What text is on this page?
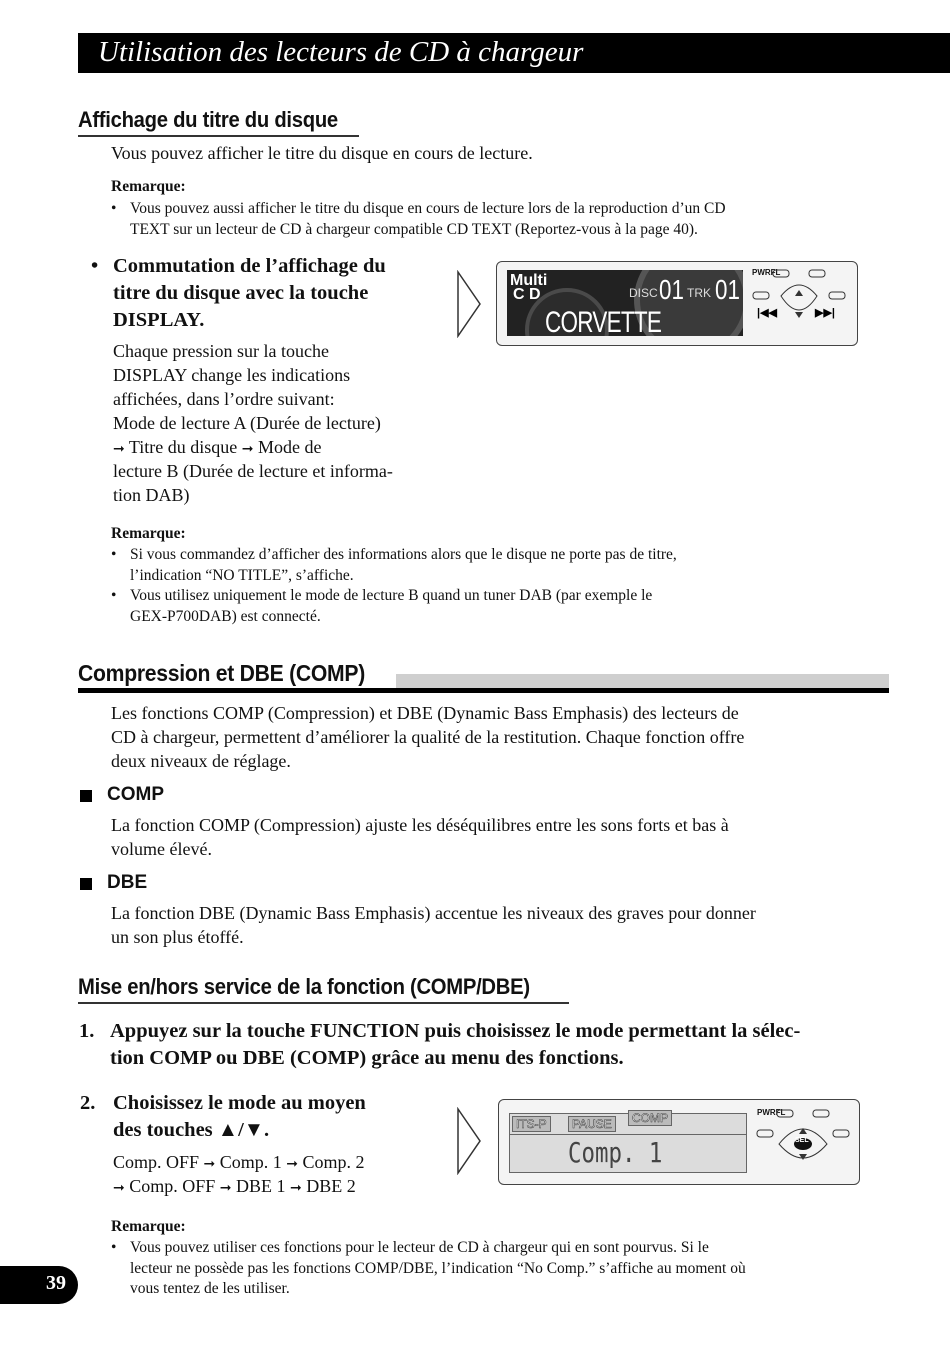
Utilisation des lecteurs de CD à chargeur
Affichage du titre du disque
Vous pouvez afficher le titre du disque en cours de lecture.
Remarque:
• Vous pouvez aussi afficher le titre du disque en cours de lecture lors de la reproduction d’un CD
TEXT sur un lecteur de CD à chargeur compatible CD TEXT (Reportez-vous à la page 40).
• Commutation de l’affichage du
titre du disque avec la touche
DISPLAY.
Chaque pression sur la touche
DISPLAY change les indications
affichées, dans l’ordre suivant:
Mode de lecture A (Durée de lecture)
➞ Titre du disque ➞ Mode de
lecture B (Durée de lecture et informa-
tion DAB)
Multi
C D	DISC 01 TRK 01
CORVETTE
PWRFL
|◀◀	▶▶|
Remarque:
• Si vous commandez d’afficher des informations alors que le disque ne porte pas de titre,
l’indication “NO TITLE”, s’affiche.
• Vous utilisez uniquement le mode de lecture B quand un tuner DAB (par exemple le
GEX-P700DAB) est connecté.
Compression et DBE (COMP)
Les fonctions COMP (Compression) et DBE (Dynamic Bass Emphasis) des lecteurs de
CD à chargeur, permettent d’améliorer la qualité de la restitution. Chaque fonction offre
deux niveaux de réglage.
COMP
La fonction COMP (Compression) ajuste les déséquilibres entre les sons forts et bas à
volume élevé.
DBE
La fonction DBE (Dynamic Bass Emphasis) accentue les niveaux des graves pour donner
un son plus étoffé.
Mise en/hors service de la fonction (COMP/DBE)
1. Appuyez sur la touche FUNCTION puis choisissez le mode permettant la sélec-
tion COMP ou DBE (COMP) grâce au menu des fonctions.
2. Choisissez le mode au moyen
des touches ▲/▼.
Comp. OFF ➞ Comp. 1 ➞ Comp. 2
➞ Comp. OFF ➞ DBE 1 ➞ DBE 2
ITS-P	PAUSE	COMP
Comp. 1
PWRFL
SEL
Remarque:
• Vous pouvez utiliser ces fonctions pour le lecteur de CD à chargeur qui en sont pourvus. Si le
lecteur ne possède pas les fonctions COMP/DBE, l’indication “No Comp.” s’affiche au moment où
vous tentez de les utiliser.
39
